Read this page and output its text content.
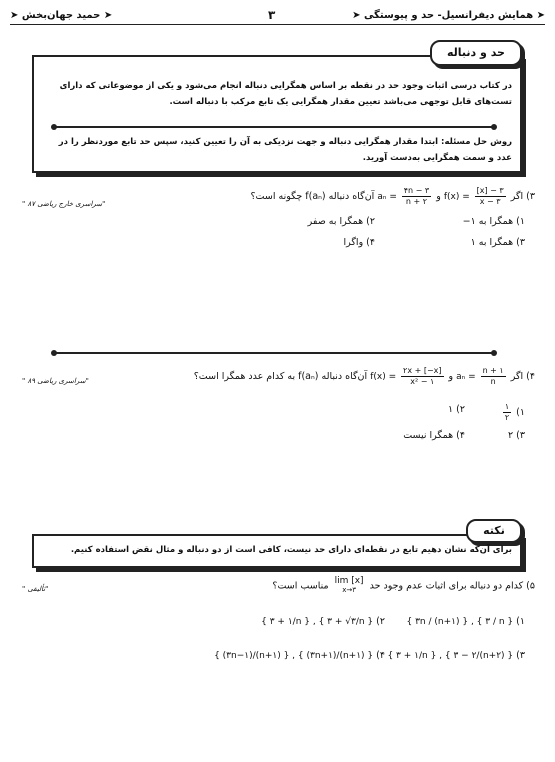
➤ همایش دیفرانسیل- حد و پیوستگی ➤
۳
➤ حمید جهان‌بخش ➤
حد و دنباله
در کتاب درسی اثبات وجود حد در نقطه بر اساس همگرایی دنباله انجام می‌شود و یکی از موضوعاتی که دارای تست‌های قابل توجهی می‌باشد تعیین مقدار همگرایی یک تابع مرکب با دنباله است.
روش حل مسئله: ابتدا مقدار همگرایی دنباله و جهت نزدیکی به آن را تعیین کنید، سپس حد تابع موردنظر را در عدد و سمت همگرایی به‌دست آورید.
" سراسری خارج ریاضی ۸۷"
۳) اگر $f(x) = \frac{[x] - ۳}{x - ۳}$
و $a_n = \frac{۴n - ۳}{n + ۲}$
آن‌گاه دنباله f(aₙ) چگونه است؟
۱) همگرا به ۱−
۲) همگرا به صفر
۳) همگرا به ۱
۴) واگرا
" سراسری ریاضی ۸۹"	۴) اگر $a_n = \frac{n + ۱}{n}$
و $f(x) = \frac{۲x + [-x]}{\text{x² − ۱}}$
آن‌گاه دنباله f(aₙ) به کدام عدد همگرا است؟
۱)
$\frac{۱}{۲}$
۲) ۱
۳) ۲
۴) همگرا نیست
نکته
برای آن‌که نشان دهیم تابع در نقطه‌ای دارای حد نیست، کافی است از دو دنباله و مثال نقض استفاده کنیم.
" تألیفی"	۵) کدام دو دنباله برای اثبات عدم وجود حد
lim [x]
x→۳
مناسب است؟
۱) { ۳n / (n+۱) } , { ۳ / n }
۲) { ۳ + ۱/n } , { ۳ + √۳/n }
۳) { ۳ + ۱/n } , { ۳ − ۲/(n+۲) }
۴) { (۳n−۱)/(n+۱) } , { (۳n+۱)/(n+۱) }
